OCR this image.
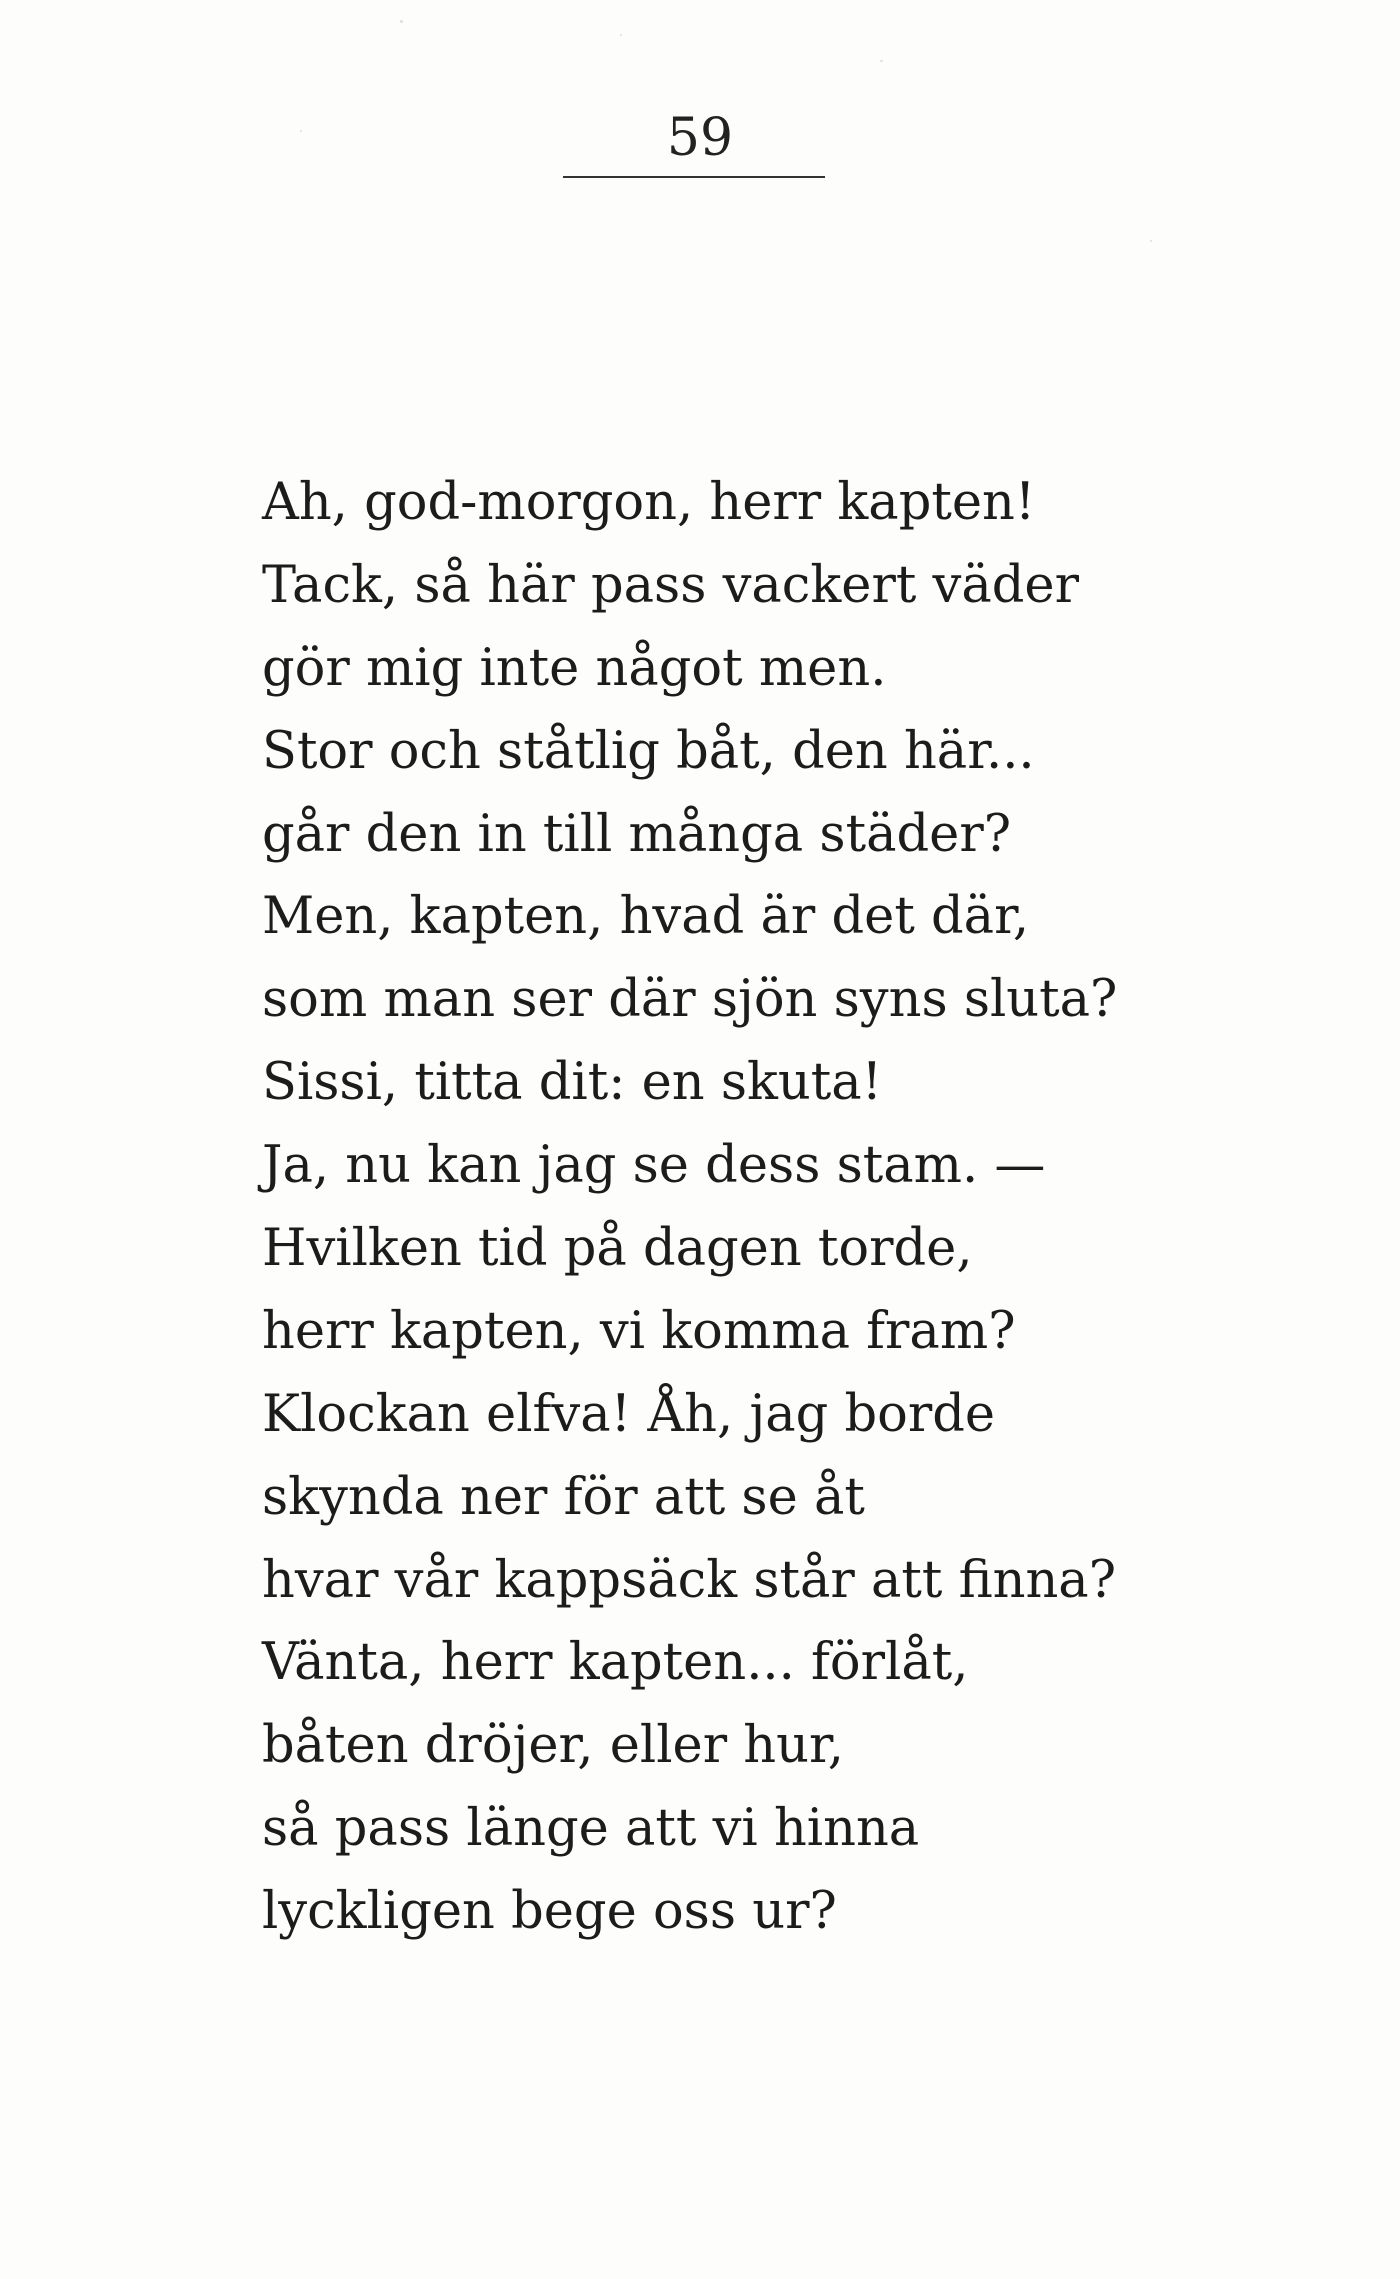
59
Ah, god-morgon, herr kapten!
Tack, så här pass vackert väder
gör mig inte något men.
Stor och ståtlig båt, den här...
går den in till många städer?
Men, kapten, hvad är det där,
som man ser där sjön syns sluta?
Sissi, titta dit: en skuta!
Ja, nu kan jag se dess stam. —
Hvilken tid på dagen torde,
herr kapten, vi komma fram?
Klockan elfva! Åh, jag borde
skynda ner för att se åt
hvar vår kappsäck står att finna?
Vänta, herr kapten... förlåt,
båten dröjer, eller hur,
så pass länge att vi hinna
lyckligen bege oss ur?
